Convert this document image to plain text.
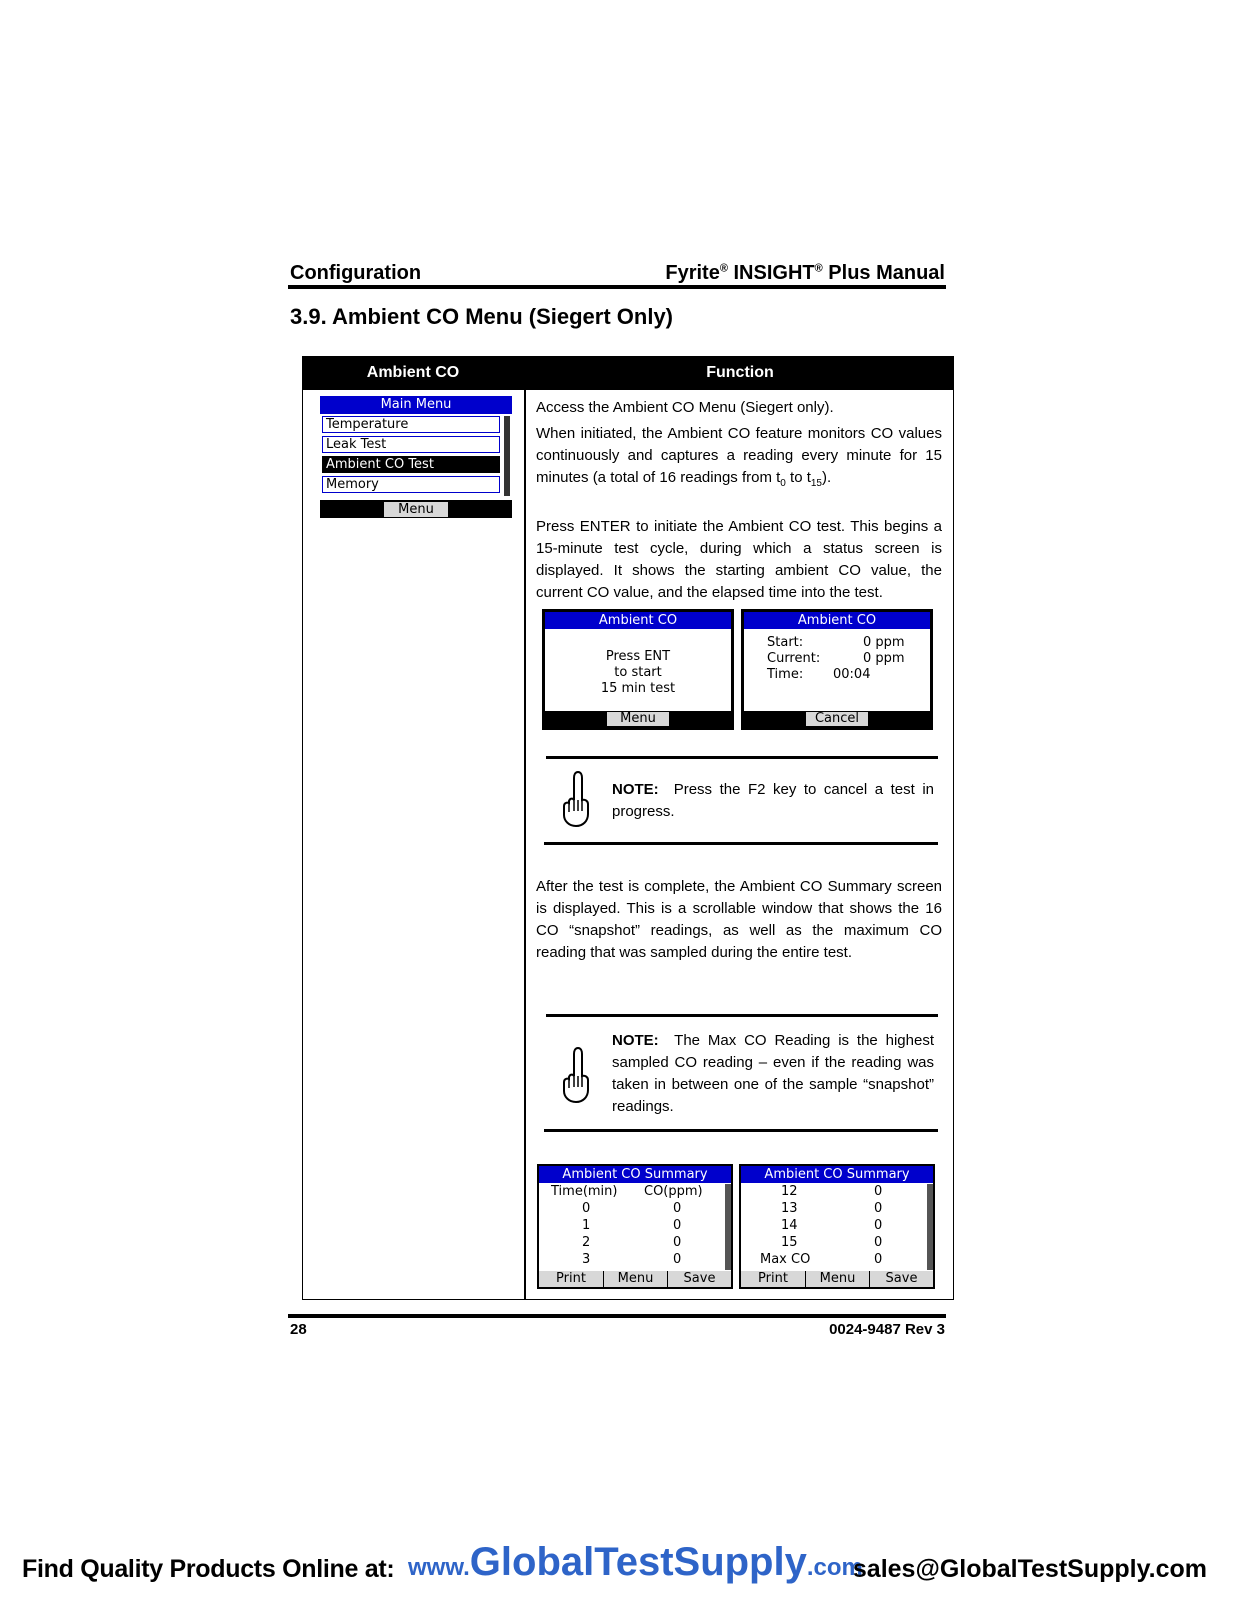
Configuration	Fyrite® INSIGHT® Plus Manual
3.9. Ambient CO Menu (Siegert Only)
Ambient CO	Function
Main Menu
Temperature
Leak Test
Ambient CO Test
Memory
Menu
Access the Ambient CO Menu (Siegert only).
When initiated, the Ambient CO feature monitors CO values continuously and captures a reading every minute for 15 minutes (a total of 16 readings from $t_0$ to $t_{15}$).
Press ENTER to initiate the Ambient CO test. This begins a 15-minute test cycle, during which a status screen is displayed. It shows the starting ambient CO value, the current CO value, and the elapsed time into the test.
Ambient CO
Press ENT
to start
15 min test
Menu
Ambient CO
Start:	0 ppm
Current:	0 ppm
Time: 00:04
Cancel
NOTE: Press the F2 key to cancel a test in progress.
After the test is complete, the Ambient CO Summary screen is displayed. This is a scrollable window that shows the 16 CO “snapshot” readings, as well as the maximum CO reading that was sampled during the entire test.
NOTE: The Max CO Reading is the highest sampled CO reading – even if the reading was taken in between one of the sample “snapshot” readings.
Ambient CO Summary
Time(min) CO(ppm)
0	0
1	0
2	0
3	0
Print	Menu	Save
Ambient CO Summary
12	0
13	0
14	0
15	0
Max CO	0
Print	Menu	Save
28	0024-9487 Rev 3
Find Quality Products Online at: www.GlobalTestSupply.com
sales@GlobalTestSupply.com
